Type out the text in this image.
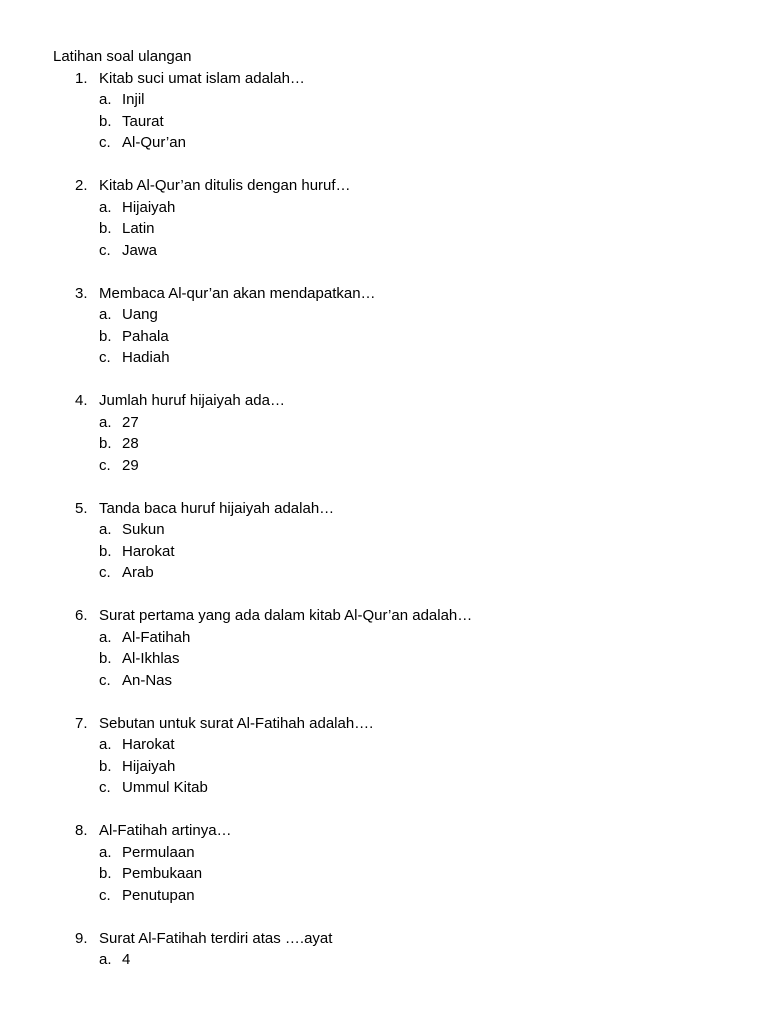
Latihan soal ulangan
1. Kitab suci umat islam adalah…
a. Injil
b. Taurat
c. Al-Qur’an
2. Kitab Al-Qur’an ditulis dengan huruf…
a. Hijaiyah
b. Latin
c. Jawa
3. Membaca Al-qur’an akan mendapatkan…
a. Uang
b. Pahala
c. Hadiah
4. Jumlah huruf hijaiyah ada…
a. 27
b. 28
c. 29
5. Tanda baca huruf hijaiyah adalah…
a. Sukun
b. Harokat
c. Arab
6. Surat pertama yang ada dalam kitab Al-Qur’an adalah…
a. Al-Fatihah
b. Al-Ikhlas
c. An-Nas
7. Sebutan untuk surat Al-Fatihah adalah….
a. Harokat
b. Hijaiyah
c. Ummul Kitab
8. Al-Fatihah artinya…
a. Permulaan
b. Pembukaan
c. Penutupan
9. Surat Al-Fatihah terdiri atas ….ayat
a. 4
